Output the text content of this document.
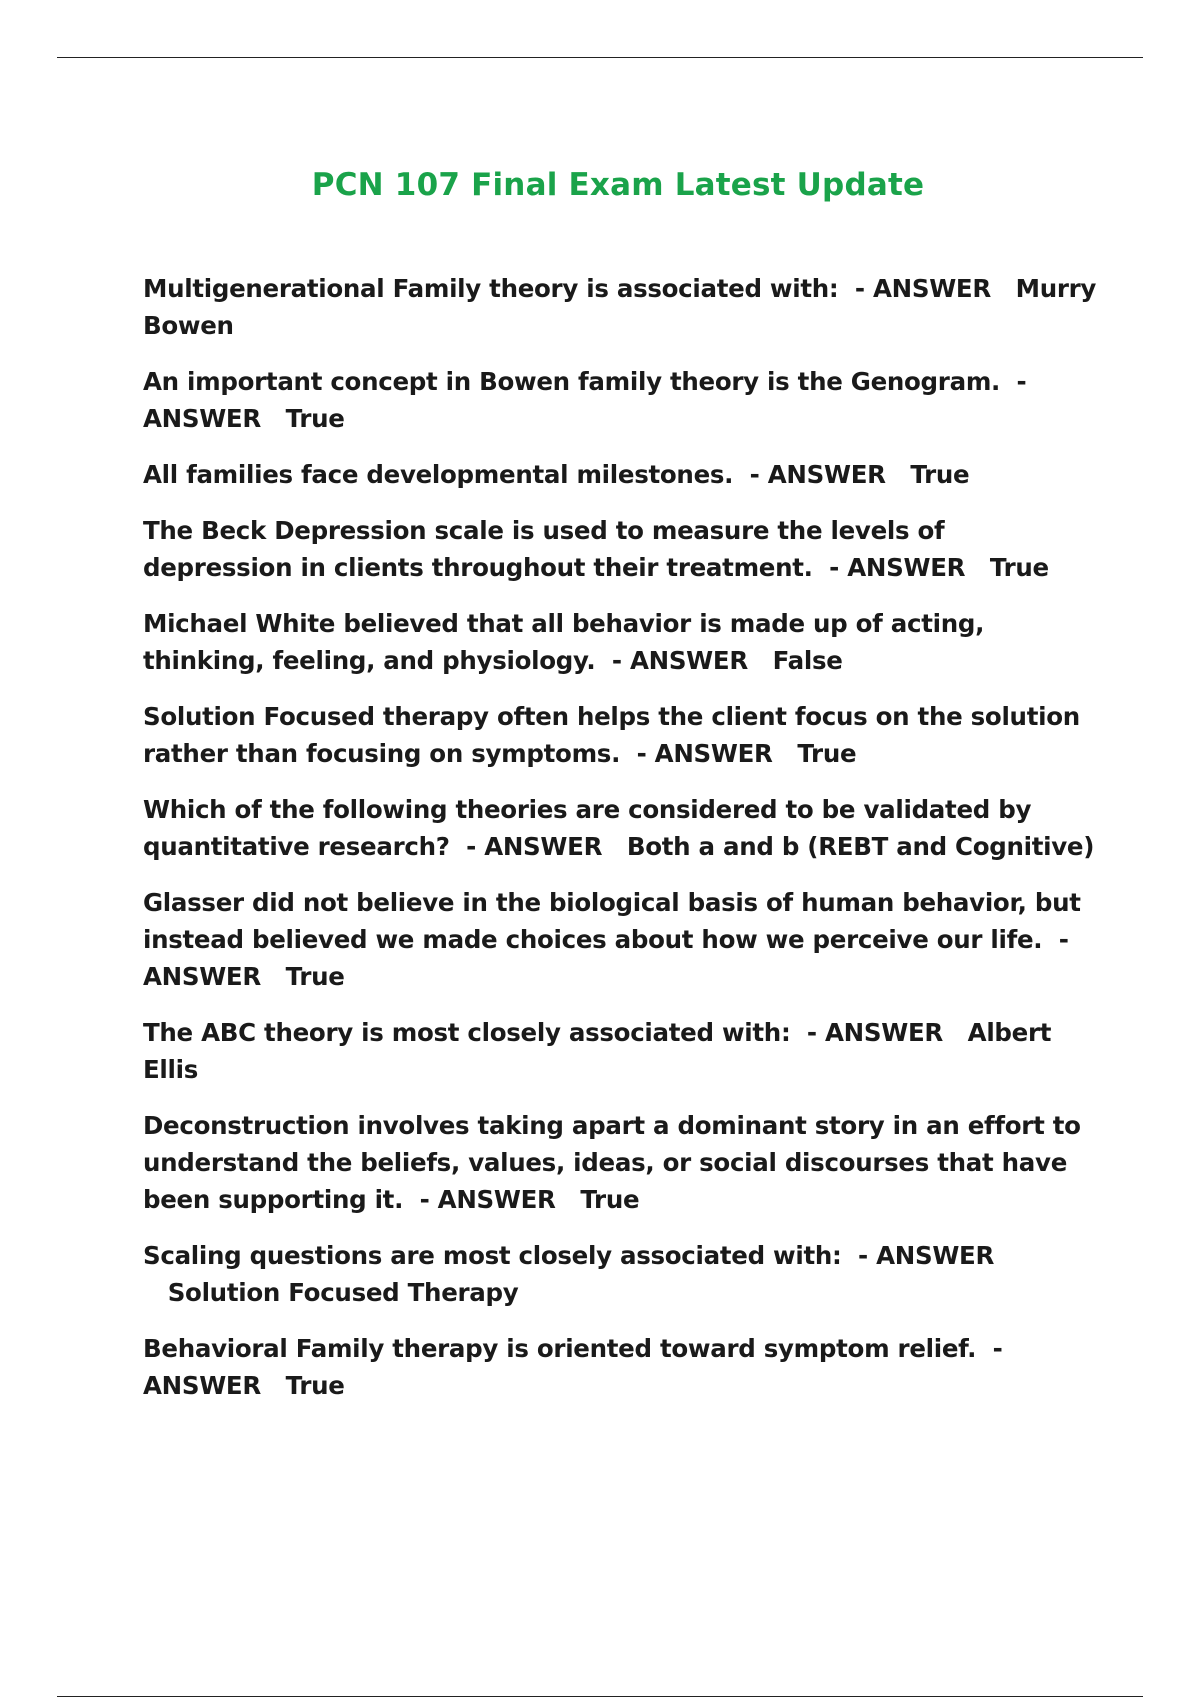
PCN 107 Final Exam Latest Update
Multigenerational Family theory is associated with: - ANSWER Murry Bowen
An important concept in Bowen family theory is the Genogram. - ANSWER True
All families face developmental milestones. - ANSWER True
The Beck Depression scale is used to measure the levels of depression in clients throughout their treatment. - ANSWER True
Michael White believed that all behavior is made up of acting, thinking, feeling, and physiology. - ANSWER False
Solution Focused therapy often helps the client focus on the solution rather than focusing on symptoms. - ANSWER True
Which of the following theories are considered to be validated by quantitative research? - ANSWER Both a and b (REBT and Cognitive)
Glasser did not believe in the biological basis of human behavior, but instead believed we made choices about how we perceive our life. - ANSWER True
The ABC theory is most closely associated with: - ANSWER Albert Ellis
Deconstruction involves taking apart a dominant story in an effort to understand the beliefs, values, ideas, or social discourses that have been supporting it. - ANSWER True
Scaling questions are most closely associated with: - ANSWER   Solution Focused Therapy
Behavioral Family therapy is oriented toward symptom relief. - ANSWER True
